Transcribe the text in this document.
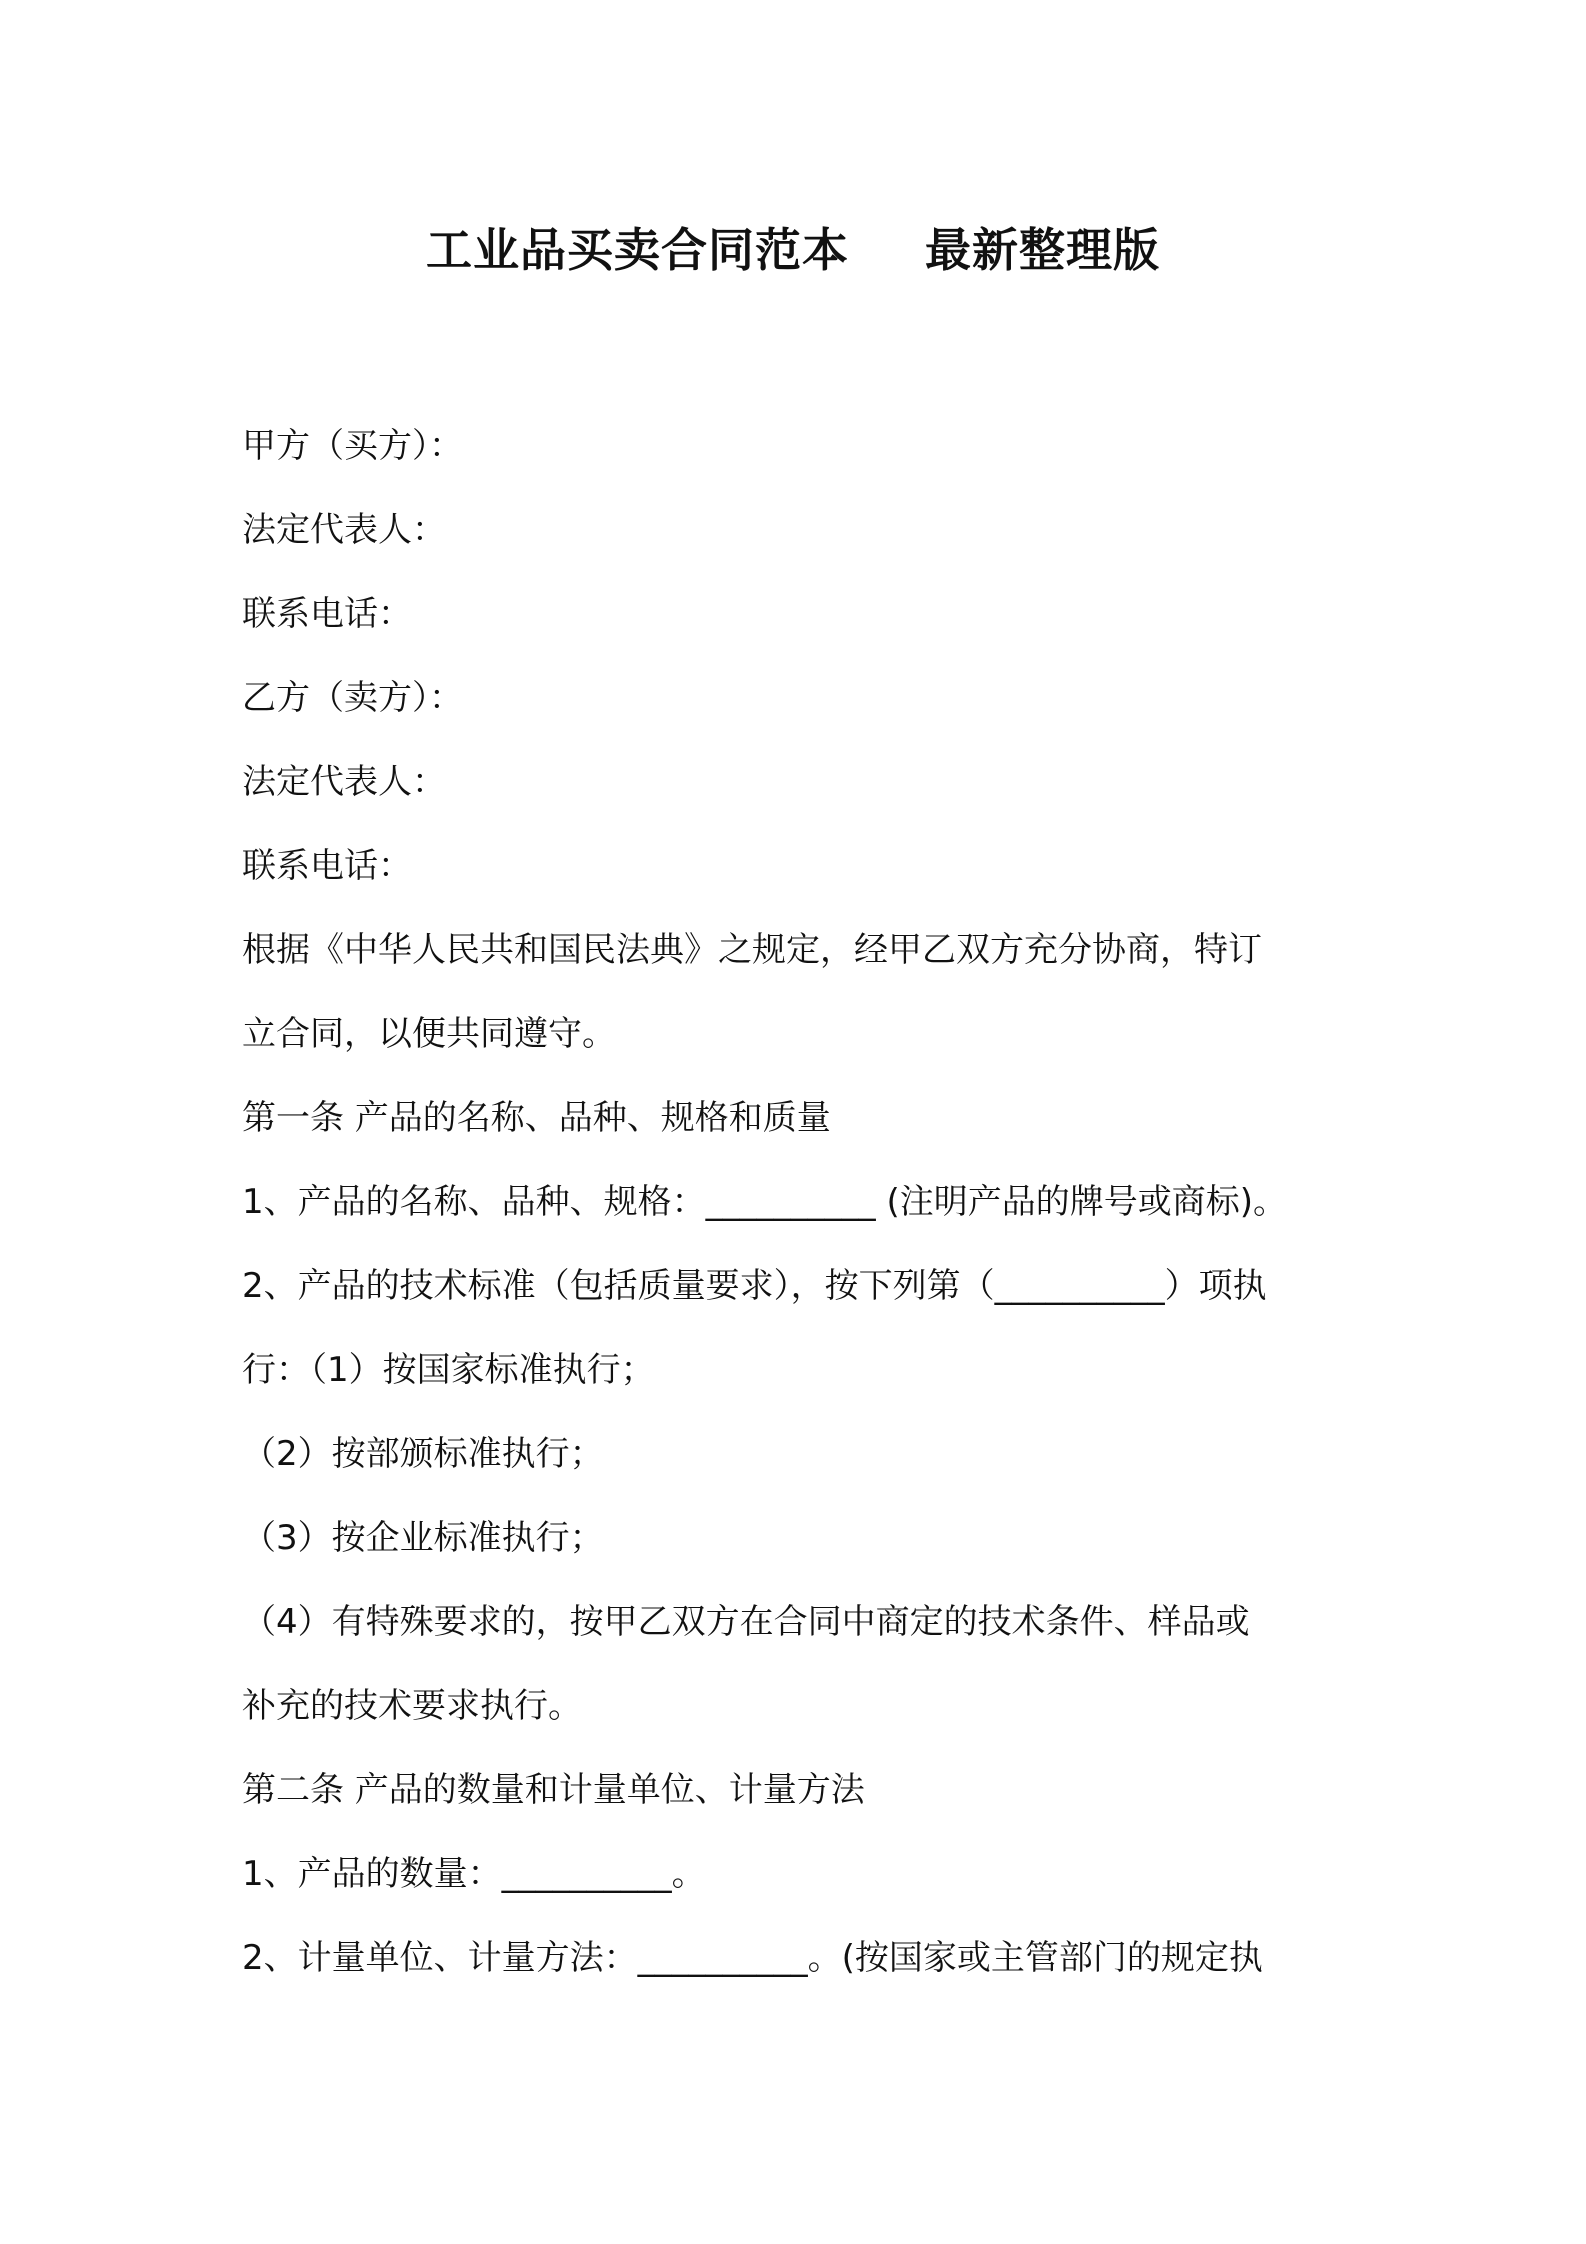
工业品买卖合同范本 最新整理版
甲方（买方）：
法定代表人：
联系电话：
乙方（卖方）：
法定代表人：
联系电话：
根据《中华人民共和国民法典》之规定，经甲乙双方充分协商，特订
立合同，以便共同遵守。
第一条 产品的名称、品种、规格和质量
1、产品的名称、品种、规格：__________ (注明产品的牌号或商标)。
2、产品的技术标准（包括质量要求），按下列第（__________）项执
行：（1）按国家标准执行；
（2）按部颁标准执行；
（3）按企业标准执行；
（4）有特殊要求的，按甲乙双方在合同中商定的技术条件、样品或
补充的技术要求执行。
第二条 产品的数量和计量单位、计量方法
1、产品的数量：__________。
2、计量单位、计量方法：__________。(按国家或主管部门的规定执
